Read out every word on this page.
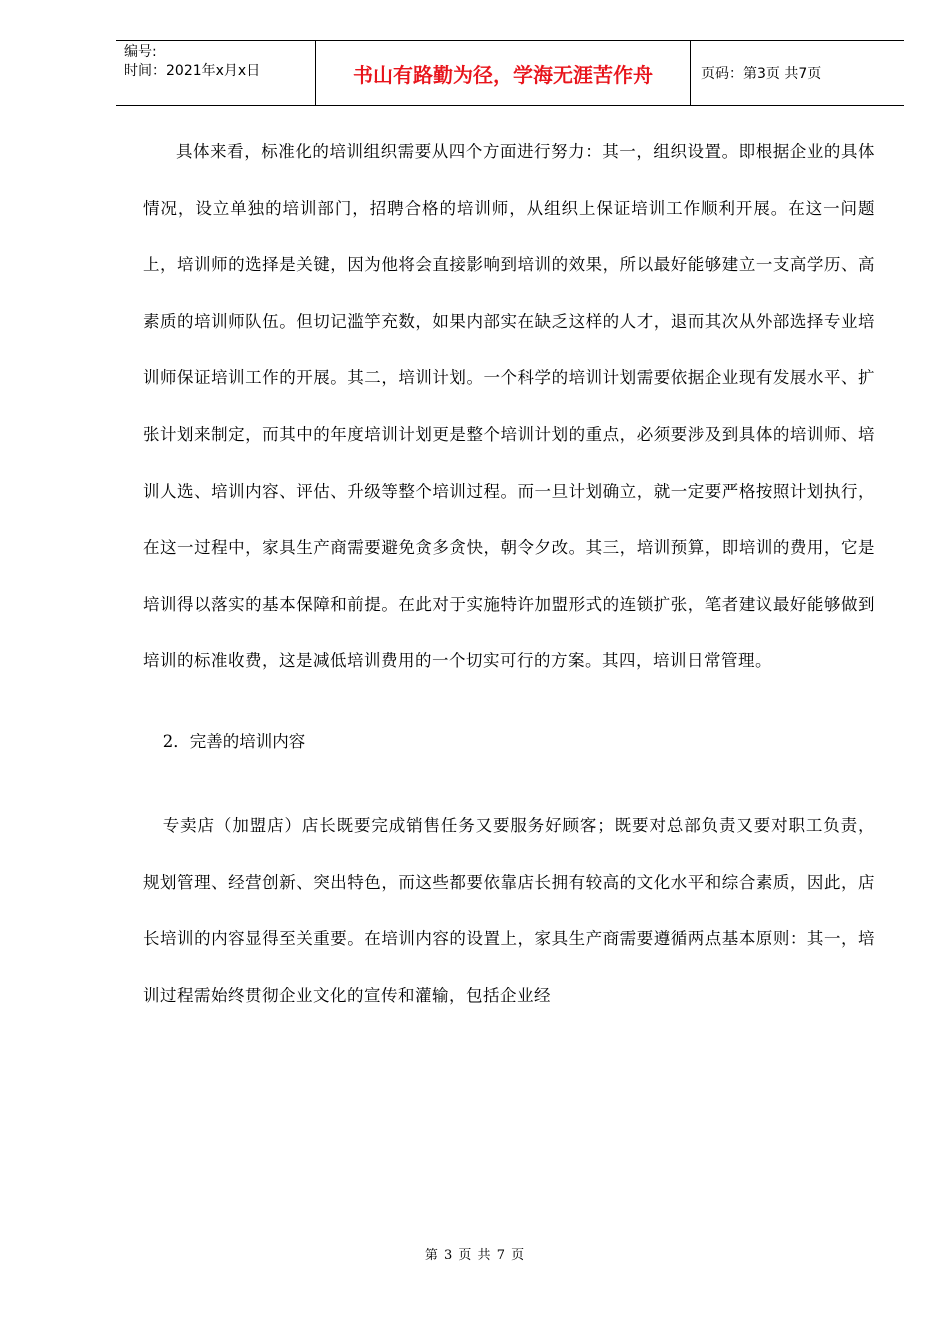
编号:
时间：2021年x月x日	书山有路勤为径，学海无涯苦作舟	页码：第3页 共7页

具体来看，标准化的培训组织需要从四个方面进行努力：其一，组织设置。即根据企业的具体情况，设立单独的培训部门，招聘合格的培训师，从组织上保证培训工作顺利开展。在这一问题上，培训师的选择是关键，因为他将会直接影响到培训的效果，所以最好能够建立一支高学历、高素质的培训师队伍。但切记滥竽充数，如果内部实在缺乏这样的人才，退而其次从外部选择专业培训师保证培训工作的开展。其二，培训计划。一个科学的培训计划需要依据企业现有发展水平、扩张计划来制定，而其中的年度培训计划更是整个培训计划的重点，必须要涉及到具体的培训师、培训人选、培训内容、评估、升级等整个培训过程。而一旦计划确立，就一定要严格按照计划执行，在这一过程中，家具生产商需要避免贪多贪快，朝令夕改。其三，培训预算，即培训的费用，它是培训得以落实的基本保障和前提。在此对于实施特许加盟形式的连锁扩张，笔者建议最好能够做到培训的标准收费，这是减低培训费用的一个切实可行的方案。其四，培训日常管理。

2．完善的培训内容

专卖店（加盟店）店长既要完成销售任务又要服务好顾客；既要对总部负责又要对职工负责，规划管理、经营创新、突出特色，而这些都要依靠店长拥有较高的文化水平和综合素质，因此，店长培训的内容显得至关重要。在培训内容的设置上，家具生产商需要遵循两点基本原则：其一，培训过程需始终贯彻企业文化的宣传和灌输，包括企业经

第 3 页 共 7 页
